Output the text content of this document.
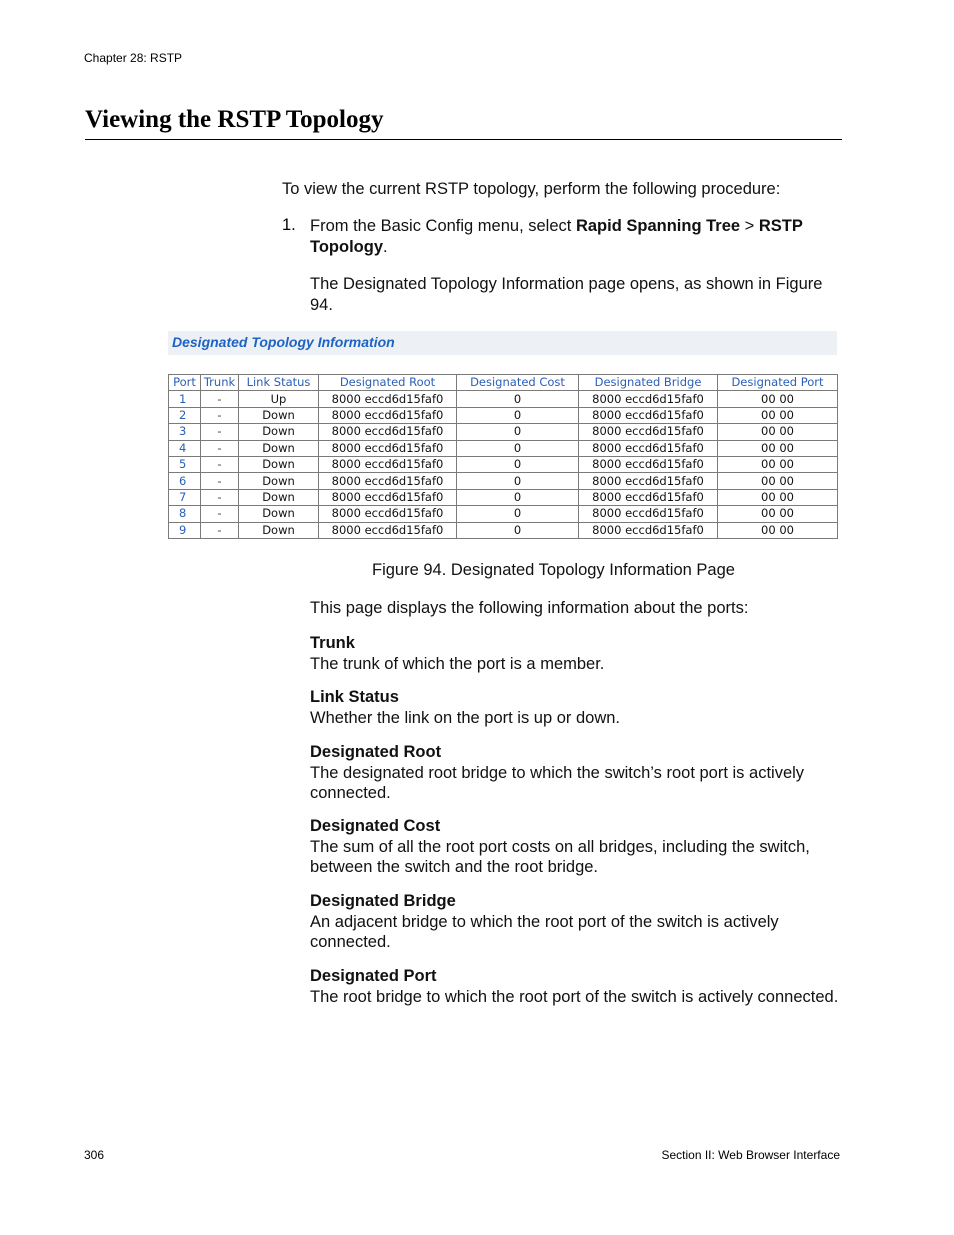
Chapter 28: RSTP
Viewing the RSTP Topology
To view the current RSTP topology, perform the following procedure:
1. From the Basic Config menu, select Rapid Spanning Tree > RSTP Topology.
The Designated Topology Information page opens, as shown in Figure 94.
Designated Topology Information
Port	Trunk	Link Status	Designated Root	Designated Cost	Designated Bridge	Designated Port
1	-	Up	8000 eccd6d15faf0	0	8000 eccd6d15faf0	00 00
2	-	Down	8000 eccd6d15faf0	0	8000 eccd6d15faf0	00 00
3	-	Down	8000 eccd6d15faf0	0	8000 eccd6d15faf0	00 00
4	-	Down	8000 eccd6d15faf0	0	8000 eccd6d15faf0	00 00
5	-	Down	8000 eccd6d15faf0	0	8000 eccd6d15faf0	00 00
6	-	Down	8000 eccd6d15faf0	0	8000 eccd6d15faf0	00 00
7	-	Down	8000 eccd6d15faf0	0	8000 eccd6d15faf0	00 00
8	-	Down	8000 eccd6d15faf0	0	8000 eccd6d15faf0	00 00
9	-	Down	8000 eccd6d15faf0	0	8000 eccd6d15faf0	00 00
Figure 94. Designated Topology Information Page
This page displays the following information about the ports:
Trunk
The trunk of which the port is a member.
Link Status
Whether the link on the port is up or down.
Designated Root
The designated root bridge to which the switch’s root port is actively connected.
Designated Cost
The sum of all the root port costs on all bridges, including the switch, between the switch and the root bridge.
Designated Bridge
An adjacent bridge to which the root port of the switch is actively connected.
Designated Port
The root bridge to which the root port of the switch is actively connected.
306	Section II: Web Browser Interface
